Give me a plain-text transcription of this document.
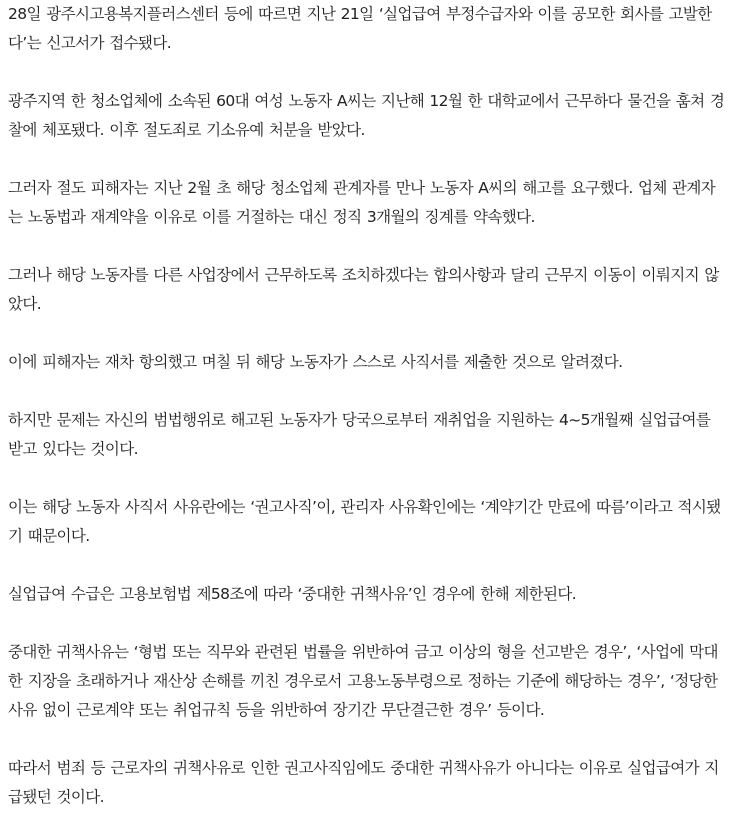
28일 광주시고용복지플러스센터 등에 따르면 지난 21일 ‘실업급여 부정수급자와 이를 공모한 회사를 고발한
다’는 신고서가 접수됐다.
광주지역 한 청소업체에 소속된 60대 여성 노동자 A씨는 지난해 12월 한 대학교에서 근무하다 물건을 훔쳐 경
찰에 체포됐다. 이후 절도죄로 기소유예 처분을 받았다.
그러자 절도 피해자는 지난 2월 초 해당 청소업체 관계자를 만나 노동자 A씨의 해고를 요구했다. 업체 관계자
는 노동법과 재계약을 이유로 이를 거절하는 대신 정직 3개월의 징계를 약속했다.
그러나 해당 노동자를 다른 사업장에서 근무하도록 조치하겠다는 합의사항과 달리 근무지 이동이 이뤄지지 않
았다.
이에 피해자는 재차 항의했고 며칠 뒤 해당 노동자가 스스로 사직서를 제출한 것으로 알려졌다.
하지만 문제는 자신의 범법행위로 해고된 노동자가 당국으로부터 재취업을 지원하는 4~5개월째 실업급여를
받고 있다는 것이다.
이는 해당 노동자 사직서 사유란에는 ‘권고사직’이, 관리자 사유확인에는 ‘계약기간 만료에 따름’이라고 적시됐
기 때문이다.
실업급여 수급은 고용보험법 제58조에 따라 ‘중대한 귀책사유’인 경우에 한해 제한된다.
중대한 귀책사유는 ‘형법 또는 직무와 관련된 법률을 위반하여 금고 이상의 형을 선고받은 경우’, ‘사업에 막대
한 지장을 초래하거나 재산상 손해를 끼친 경우로서 고용노동부령으로 정하는 기준에 해당하는 경우’, ‘정당한
사유 없이 근로계약 또는 취업규칙 등을 위반하여 장기간 무단결근한 경우’ 등이다.
따라서 범죄 등 근로자의 귀책사유로 인한 권고사직임에도 중대한 귀책사유가 아니다는 이유로 실업급여가 지
급됐던 것이다.
